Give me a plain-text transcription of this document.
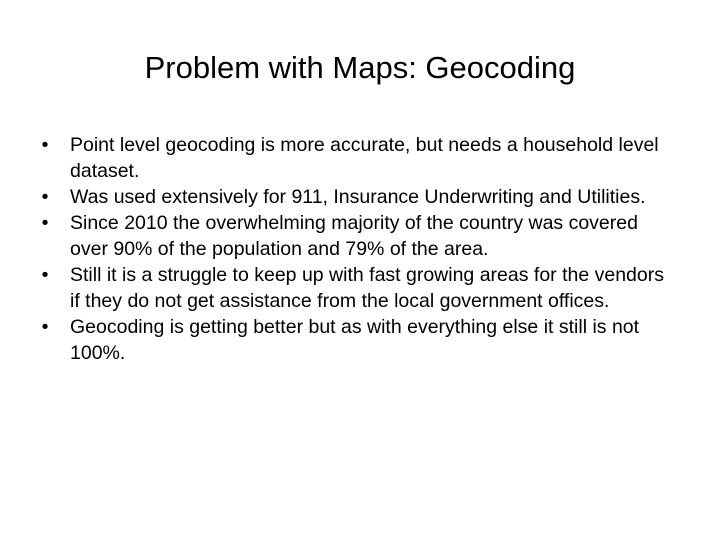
Problem with Maps: Geocoding
• Point level geocoding is more accurate, but needs a household level dataset.
• Was used extensively for 911, Insurance Underwriting and Utilities.
• Since 2010 the overwhelming majority of the country was covered over 90% of the population and 79% of the area.
• Still it is a struggle to keep up with fast growing areas for the vendors if they do not get assistance from the local government offices.
• Geocoding is getting better but as with everything else it still is not 100%.
